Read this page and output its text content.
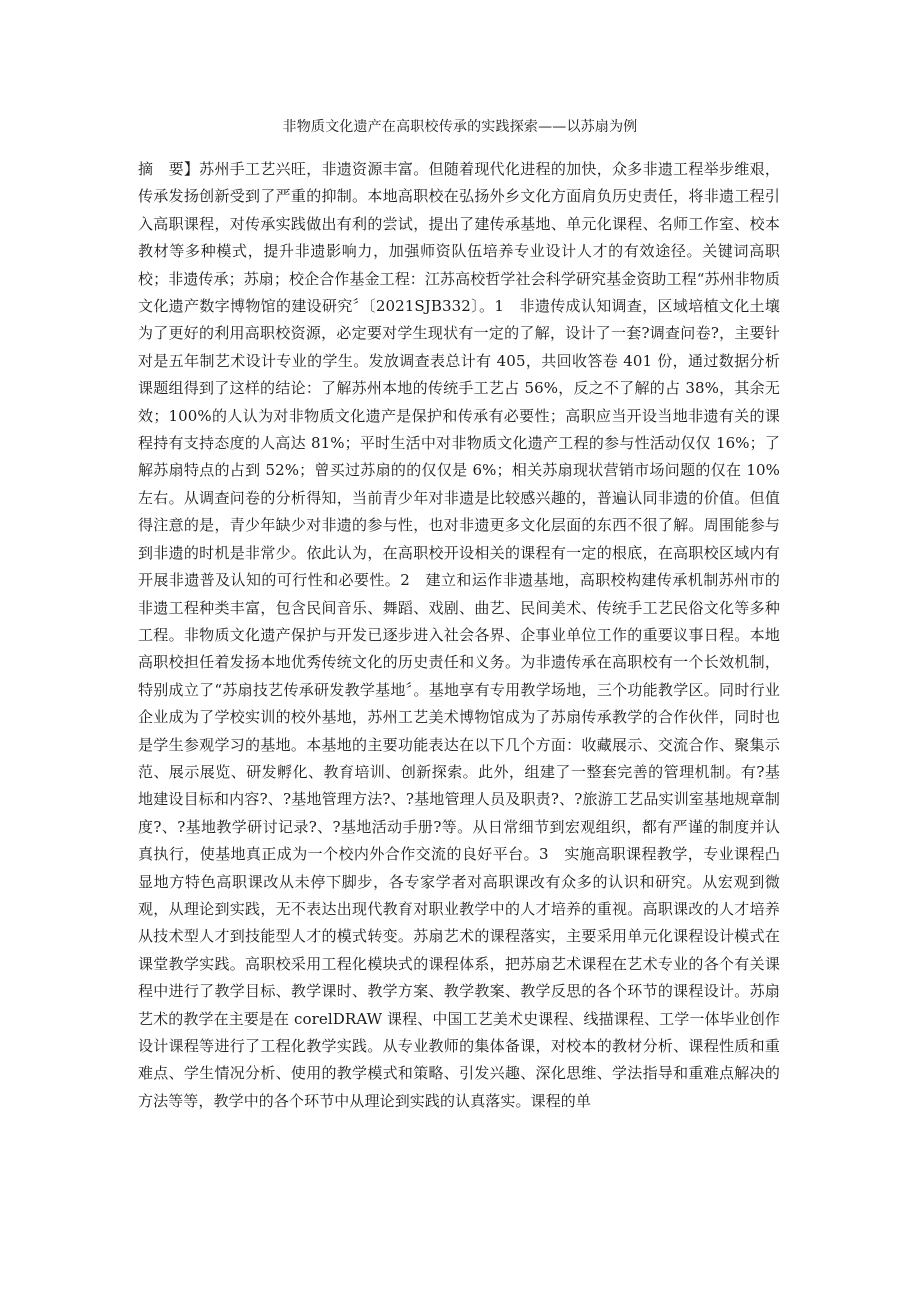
非物质文化遗产在高职校传承的实践探索——以苏扇为例

摘　要】苏州手工艺兴旺，非遗资源丰富。但随着现代化进程的加快，众多非遗工程举步维艰，传承发扬创新受到了严重的抑制。本地高职校在弘扬外乡文化方面肩负历史责任，将非遗工程引入高职课程，对传承实践做出有利的尝试，提出了建传承基地、单元化课程、名师工作室、校本教材等多种模式，提升非遗影响力，加强师资队伍培养专业设计人才的有效途径。关键词高职校；非遗传承；苏扇；校企合作基金工程：江苏高校哲学社会科学研究基金资助工程“苏州非物质文化遗产数字博物馆的建设研究〞〔2021SJB332〕。1　非遗传成认知调查，区域培植文化土壤为了更好的利用高职校资源，必定要对学生现状有一定的了解，设计了一套?调查问卷?，主要针对是五年制艺术设计专业的学生。发放调查表总计有 405，共回收答卷 401 份，通过数据分析课题组得到了这样的结论：了解苏州本地的传统手工艺占 56%，反之不了解的占 38%，其余无效；100%的人认为对非物质文化遗产是保护和传承有必要性；高职应当开设当地非遗有关的课程持有支持态度的人高达 81%；平时生活中对非物质文化遗产工程的参与性活动仅仅 16%；了解苏扇特点的占到 52%；曾买过苏扇的的仅仅是 6%；相关苏扇现状营销市场问题的仅在 10%左右。从调查问卷的分析得知，当前青少年对非遗是比较感兴趣的，普遍认同非遗的价值。但值得注意的是，青少年缺少对非遗的参与性，也对非遗更多文化层面的东西不很了解。周围能参与到非遗的时机是非常少。依此认为，在高职校开设相关的课程有一定的根底，在高职校区域内有开展非遗普及认知的可行性和必要性。2　建立和运作非遗基地，高职校构建传承机制苏州市的非遗工程种类丰富，包含民间音乐、舞蹈、戏剧、曲艺、民间美术、传统手工艺民俗文化等多种工程。非物质文化遗产保护与开发已逐步进入社会各界、企事业单位工作的重要议事日程。本地高职校担任着发扬本地优秀传统文化的历史责任和义务。为非遗传承在高职校有一个长效机制，特别成立了“苏扇技艺传承研发教学基地〞。基地享有专用教学场地，三个功能教学区。同时行业企业成为了学校实训的校外基地，苏州工艺美术博物馆成为了苏扇传承教学的合作伙伴，同时也是学生参观学习的基地。本基地的主要功能表达在以下几个方面：收藏展示、交流合作、聚集示范、展示展览、研发孵化、教育培训、创新探索。此外，组建了一整套完善的管理机制。有?基地建设目标和内容?、?基地管理方法?、?基地管理人员及职责?、?旅游工艺品实训室基地规章制度?、?基地教学研讨记录?、?基地活动手册?等。从日常细节到宏观组织，都有严谨的制度并认真执行，使基地真正成为一个校内外合作交流的良好平台。3　实施高职课程教学，专业课程凸显地方特色高职课改从未停下脚步，各专家学者对高职课改有众多的认识和研究。从宏观到微观，从理论到实践，无不表达出现代教育对职业教学中的人才培养的重视。高职课改的人才培养从技术型人才到技能型人才的模式转变。苏扇艺术的课程落实，主要采用单元化课程设计模式在课堂教学实践。高职校采用工程化模块式的课程体系，把苏扇艺术课程在艺术专业的各个有关课程中进行了教学目标、教学课时、教学方案、教学教案、教学反思的各个环节的课程设计。苏扇艺术的教学在主要是在 corelDRAW 课程、中国工艺美术史课程、线描课程、工学一体毕业创作设计课程等进行了工程化教学实践。从专业教师的集体备课，对校本的教材分析、课程性质和重难点、学生情况分析、使用的教学模式和策略、引发兴趣、深化思维、学法指导和重难点解决的方法等等，教学中的各个环节中从理论到实践的认真落实。课程的单
